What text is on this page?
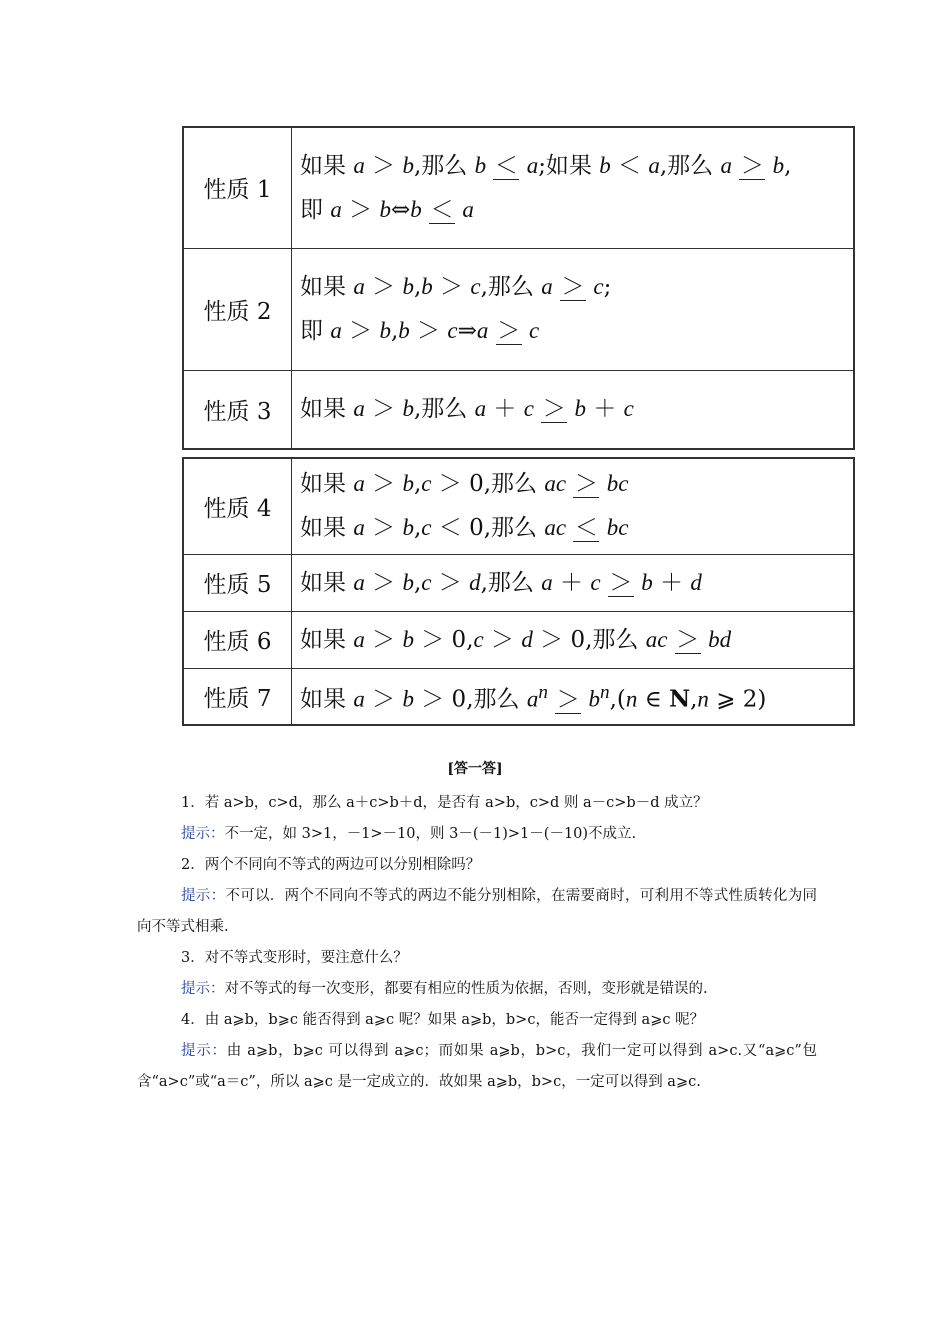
性质 1	如果 a ＞ b,那么 b ＜ a;如果 b ＜ a,那么 a ＞ b,
即 a ＞ b⇔b ＜ a

性质 2	如果 a ＞ b,b ＞ c,那么 a ＞ c;
即 a ＞ b,b ＞ c⇒a ＞ c

性质 3	如果 a ＞ b,那么 a ＋ c ＞ b ＋ c
性质 4	如果 a ＞ b,c ＞ 0,那么 ac ＞ bc
如果 a ＞ b,c ＜ 0,那么 ac ＜ bc

性质 5	如果 a ＞ b,c ＞ d,那么 a ＋ c ＞ b ＋ d

性质 6	如果 a ＞ b ＞ 0,c ＞ d ＞ 0,那么 ac ＞ bd

性质 7	如果 a ＞ b ＞ 0,那么 $a^n > b^n,(n$ ∈ N,n ⩾ 2)
[答一答]

1．若 a>b，c>d，那么 a＋c>b＋d，是否有 a>b，c>d 则 a－c>b－d 成立？

提示：不一定，如 3>1，－1>－10，则 3－(－1)>1－(－10)不成立.

2．两个不同向不等式的两边可以分别相除吗？

提示：不可以．两个不同向不等式的两边不能分别相除，在需要商时，可利用不等式性质转化为同向不等式相乘.

3．对不等式变形时，要注意什么？

提示：对不等式的每一次变形，都要有相应的性质为依据，否则，变形就是错误的.

4．由 a⩾b，b⩾c 能否得到 a⩾c 呢？如果 a⩾b，b>c，能否一定得到 a⩾c 呢？

提示：由 a⩾b，b⩾c 可以得到 a⩾c；而如果 a⩾b，b>c，我们一定可以得到 a>c.又“a⩾c”包含“a>c”或“a＝c”，所以 a⩾c 是一定成立的．故如果 a⩾b，b>c，一定可以得到 a⩾c.
